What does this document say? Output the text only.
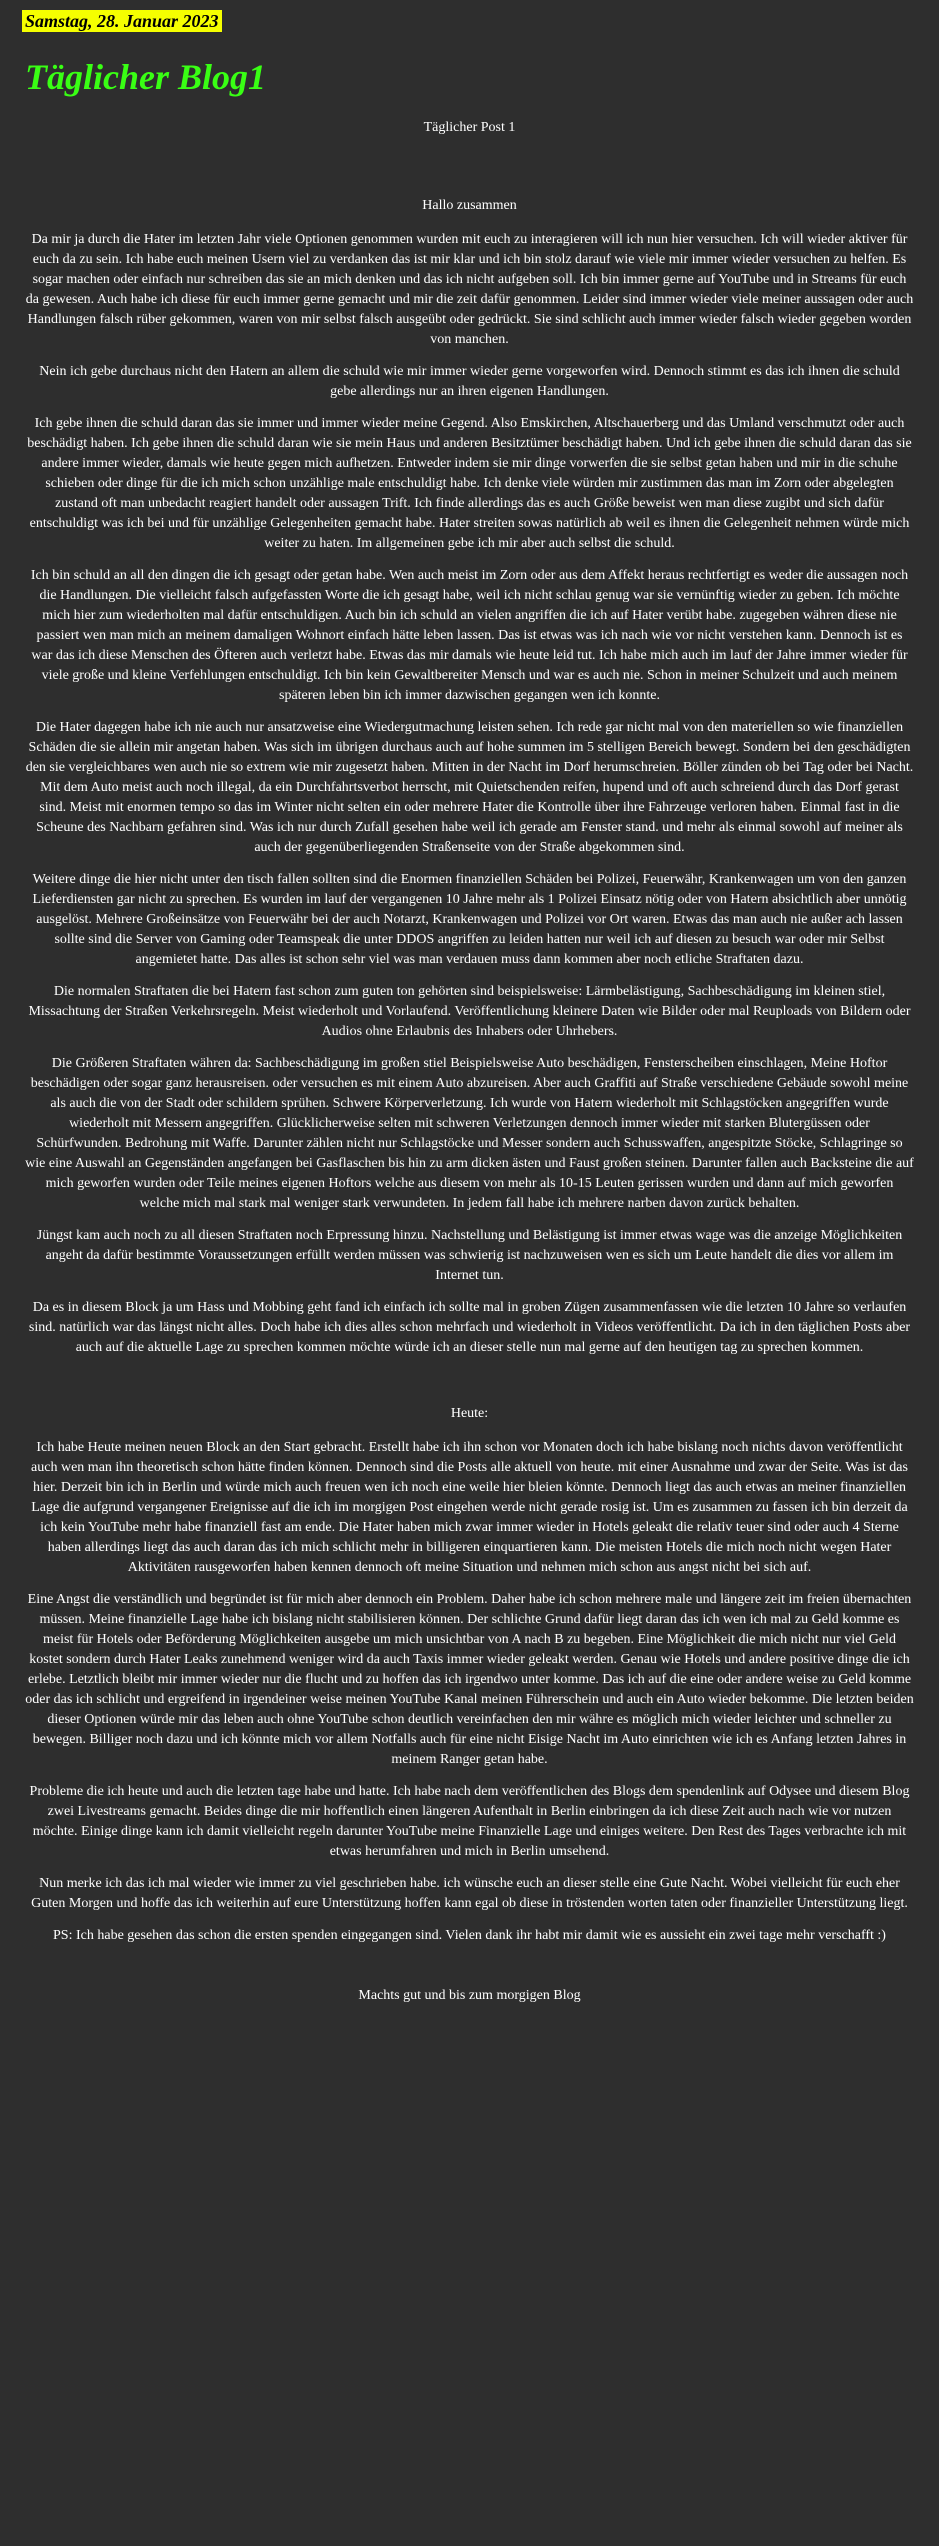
Samstag, 28. Januar 2023
Täglicher Blog1
Täglicher Post 1

Hallo zusammen

Da mir ja durch die Hater im letzten Jahr viele Optionen genommen wurden mit euch zu interagieren will ich nun hier versuchen. Ich will wieder aktiver für euch da zu sein. Ich habe euch meinen Usern viel zu verdanken das ist mir klar und ich bin stolz darauf wie viele mir immer wieder versuchen zu helfen. Es sogar machen oder einfach nur schreiben das sie an mich denken und das ich nicht aufgeben soll. Ich bin immer gerne auf YouTube und in Streams für euch da gewesen. Auch habe ich diese für euch immer gerne gemacht und mir die zeit dafür genommen. Leider sind immer wieder viele meiner aussagen oder auch Handlungen falsch rüber gekommen, waren von mir selbst falsch ausgeübt oder gedrückt. Sie sind schlicht auch immer wieder falsch wieder gegeben worden von manchen.

Nein ich gebe durchaus nicht den Hatern an allem die schuld wie mir immer wieder gerne vorgeworfen wird. Dennoch stimmt es das ich ihnen die schuld gebe allerdings nur an ihren eigenen Handlungen.

Ich gebe ihnen die schuld daran das sie immer und immer wieder meine Gegend. Also Emskirchen, Altschauerberg und das Umland verschmutzt oder auch beschädigt haben. Ich gebe ihnen die schuld daran wie sie mein Haus und anderen Besitztümer beschädigt haben. Und ich gebe ihnen die schuld daran das sie andere immer wieder, damals wie heute gegen mich aufhetzen. Entweder indem sie mir dinge vorwerfen die sie selbst getan haben und mir in die schuhe schieben oder dinge für die ich mich schon unzählige male entschuldigt habe. Ich denke viele würden mir zustimmen das man im Zorn oder abgelegten zustand oft man unbedacht reagiert handelt oder aussagen Trift. Ich finde allerdings das es auch Größe beweist wen man diese zugibt und sich dafür entschuldigt was ich bei und für unzählige Gelegenheiten gemacht habe. Hater streiten sowas natürlich ab weil es ihnen die Gelegenheit nehmen würde mich weiter zu haten. Im allgemeinen gebe ich mir aber auch selbst die schuld.

Ich bin schuld an all den dingen die ich gesagt oder getan habe. Wen auch meist im Zorn oder aus dem Affekt heraus rechtfertigt es weder die aussagen noch die Handlungen. Die vielleicht falsch aufgefassten Worte die ich gesagt habe, weil ich nicht schlau genug war sie vernünftig wieder zu geben. Ich möchte mich hier zum wiederholten mal dafür entschuldigen. Auch bin ich schuld an vielen angriffen die ich auf Hater verübt habe. zugegeben währen diese nie passiert wen man mich an meinem damaligen Wohnort einfach hätte leben lassen. Das ist etwas was ich nach wie vor nicht verstehen kann. Dennoch ist es war das ich diese Menschen des Öfteren auch verletzt habe. Etwas das mir damals wie heute leid tut. Ich habe mich auch im lauf der Jahre immer wieder für viele große und kleine Verfehlungen entschuldigt. Ich bin kein Gewaltbereiter Mensch und war es auch nie. Schon in meiner Schulzeit und auch meinem späteren leben bin ich immer dazwischen gegangen wen ich konnte.

Die Hater dagegen habe ich nie auch nur ansatzweise eine Wiedergutmachung leisten sehen. Ich rede gar nicht mal von den materiellen so wie finanziellen Schäden die sie allein mir angetan haben. Was sich im übrigen durchaus auch auf hohe summen im 5 stelligen Bereich bewegt. Sondern bei den geschädigten den sie vergleichbares wen auch nie so extrem wie mir zugesetzt haben. Mitten in der Nacht im Dorf herumschreien. Böller zünden ob bei Tag oder bei Nacht. Mit dem Auto meist auch noch illegal, da ein Durchfahrtsverbot herrscht, mit Quietschenden reifen, hupend und oft auch schreiend durch das Dorf gerast sind. Meist mit enormen tempo so das im Winter nicht selten ein oder mehrere Hater die Kontrolle über ihre Fahrzeuge verloren haben. Einmal fast in die Scheune des Nachbarn gefahren sind. Was ich nur durch Zufall gesehen habe weil ich gerade am Fenster stand. und mehr als einmal sowohl auf meiner als auch der gegenüberliegenden Straßenseite von der Straße abgekommen sind.

Weitere dinge die hier nicht unter den tisch fallen sollten sind die Enormen finanziellen Schäden bei Polizei, Feuerwähr, Krankenwagen um von den ganzen Lieferdiensten gar nicht zu sprechen. Es wurden im lauf der vergangenen 10 Jahre mehr als 1 Polizei Einsatz nötig oder von Hatern absichtlich aber unnötig ausgelöst. Mehrere Großeinsätze von Feuerwähr bei der auch Notarzt, Krankenwagen und Polizei vor Ort waren. Etwas das man auch nie außer ach lassen sollte sind die Server von Gaming oder Teamspeak die unter DDOS angriffen zu leiden hatten nur weil ich auf diesen zu besuch war oder mir Selbst angemietet hatte. Das alles ist schon sehr viel was man verdauen muss dann kommen aber noch etliche Straftaten dazu.

Die normalen Straftaten die bei Hatern fast schon zum guten ton gehörten sind beispielsweise: Lärmbelästigung, Sachbeschädigung im kleinen stiel, Missachtung der Straßen Verkehrsregeln. Meist wiederholt und Vorlaufend. Veröffentlichung kleinere Daten wie Bilder oder mal Reuploads von Bildern oder Audios ohne Erlaubnis des Inhabers oder Uhrhebers.

Die Größeren Straftaten währen da: Sachbeschädigung im großen stiel Beispielsweise Auto beschädigen, Fensterscheiben einschlagen, Meine Hoftor beschädigen oder sogar ganz herausreisen. oder versuchen es mit einem Auto abzureisen. Aber auch Graffiti auf Straße verschiedene Gebäude sowohl meine als auch die von der Stadt oder schildern sprühen. Schwere Körperverletzung. Ich wurde von Hatern wiederholt mit Schlagstöcken angegriffen wurde wiederholt mit Messern angegriffen. Glücklicherweise selten mit schweren Verletzungen dennoch immer wieder mit starken Blutergüssen oder Schürfwunden. Bedrohung mit Waffe. Darunter zählen nicht nur Schlagstöcke und Messer sondern auch Schusswaffen, angespitzte Stöcke, Schlagringe so wie eine Auswahl an Gegenständen angefangen bei Gasflaschen bis hin zu arm dicken ästen und Faust großen steinen. Darunter fallen auch Backsteine die auf mich geworfen wurden oder Teile meines eigenen Hoftors welche aus diesem von mehr als 10-15 Leuten gerissen wurden und dann auf mich geworfen welche mich mal stark mal weniger stark verwundeten. In jedem fall habe ich mehrere narben davon zurück behalten.

Jüngst kam auch noch zu all diesen Straftaten noch Erpressung hinzu. Nachstellung und Belästigung ist immer etwas wage was die anzeige Möglichkeiten angeht da dafür bestimmte Voraussetzungen erfüllt werden müssen was schwierig ist nachzuweisen wen es sich um Leute handelt die dies vor allem im Internet tun.

Da es in diesem Block ja um Hass und Mobbing geht fand ich einfach ich sollte mal in groben Zügen zusammenfassen wie die letzten 10 Jahre so verlaufen sind. natürlich war das längst nicht alles. Doch habe ich dies alles schon mehrfach und wiederholt in Videos veröffentlicht. Da ich in den täglichen Posts aber auch auf die aktuelle Lage zu sprechen kommen möchte würde ich an dieser stelle nun mal gerne auf den heutigen tag zu sprechen kommen.

Heute:

Ich habe Heute meinen neuen Block an den Start gebracht. Erstellt habe ich ihn schon vor Monaten doch ich habe bislang noch nichts davon veröffentlicht auch wen man ihn theoretisch schon hätte finden können. Dennoch sind die Posts alle aktuell von heute. mit einer Ausnahme und zwar der Seite. Was ist das hier. Derzeit bin ich in Berlin und würde mich auch freuen wen ich noch eine weile hier bleien könnte. Dennoch liegt das auch etwas an meiner finanziellen Lage die aufgrund vergangener Ereignisse auf die ich im morgigen Post eingehen werde nicht gerade rosig ist. Um es zusammen zu fassen ich bin derzeit da ich kein YouTube mehr habe finanziell fast am ende. Die Hater haben mich zwar immer wieder in Hotels geleakt die relativ teuer sind oder auch 4 Sterne haben allerdings liegt das auch daran das ich mich schlicht mehr in billigeren einquartieren kann. Die meisten Hotels die mich noch nicht wegen Hater Aktivitäten rausgeworfen haben kennen dennoch oft meine Situation und nehmen mich schon aus angst nicht bei sich auf.

Eine Angst die verständlich und begründet ist für mich aber dennoch ein Problem. Daher habe ich schon mehrere male und längere zeit im freien übernachten müssen. Meine finanzielle Lage habe ich bislang nicht stabilisieren können. Der schlichte Grund dafür liegt daran das ich wen ich mal zu Geld komme es meist für Hotels oder Beförderung Möglichkeiten ausgebe um mich unsichtbar von A nach B zu begeben. Eine Möglichkeit die mich nicht nur viel Geld kostet sondern durch Hater Leaks zunehmend weniger wird da auch Taxis immer wieder geleakt werden. Genau wie Hotels und andere positive dinge die ich erlebe. Letztlich bleibt mir immer wieder nur die flucht und zu hoffen das ich irgendwo unter komme. Das ich auf die eine oder andere weise zu Geld komme oder das ich schlicht und ergreifend in irgendeiner weise meinen YouTube Kanal meinen Führerschein und auch ein Auto wieder bekomme. Die letzten beiden dieser Optionen würde mir das leben auch ohne YouTube schon deutlich vereinfachen den mir währe es möglich mich wieder leichter und schneller zu bewegen. Billiger noch dazu und ich könnte mich vor allem Notfalls auch für eine nicht Eisige Nacht im Auto einrichten wie ich es Anfang letzten Jahres in meinem Ranger getan habe.

Probleme die ich heute und auch die letzten tage habe und hatte. Ich habe nach dem veröffentlichen des Blogs dem spendenlink auf Odysee und diesem Blog zwei Livestreams gemacht. Beides dinge die mir hoffentlich einen längeren Aufenthalt in Berlin einbringen da ich diese Zeit auch nach wie vor nutzen möchte. Einige dinge kann ich damit vielleicht regeln darunter YouTube meine Finanzielle Lage und einiges weitere. Den Rest des Tages verbrachte ich mit etwas herumfahren und mich in Berlin umsehend.

Nun merke ich das ich mal wieder wie immer zu viel geschrieben habe. ich wünsche euch an dieser stelle eine Gute Nacht. Wobei vielleicht für euch eher Guten Morgen und hoffe das ich weiterhin auf eure Unterstützung hoffen kann egal ob diese in tröstenden worten taten oder finanzieller Unterstützung liegt.

PS: Ich habe gesehen das schon die ersten spenden eingegangen sind. Vielen dank ihr habt mir damit wie es aussieht ein zwei tage mehr verschafft :)

Machts gut und bis zum morgigen Blog
